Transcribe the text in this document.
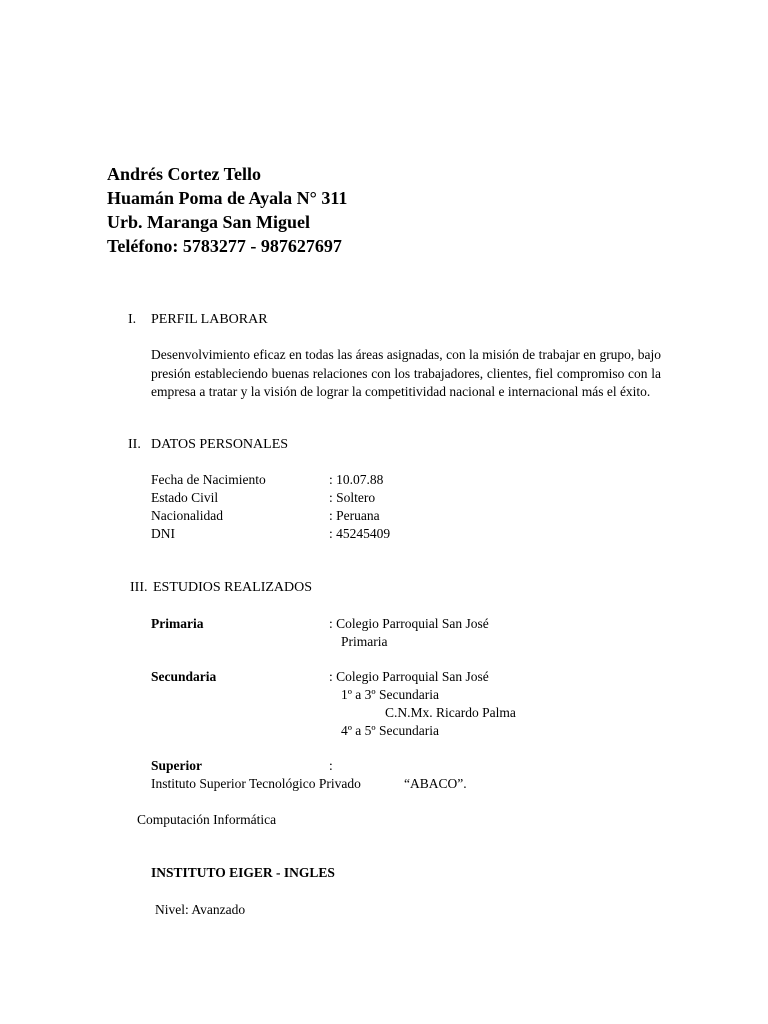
Andrés Cortez Tello
Huamán Poma de Ayala N° 311
Urb. Maranga San Miguel
Teléfono: 5783277 - 987627697
I. PERFIL LABORAR
Desenvolvimiento eficaz en todas las áreas asignadas, con la misión de trabajar en grupo, bajo presión estableciendo buenas relaciones con los trabajadores, clientes, fiel compromiso con la empresa a tratar y la visión de lograr la competitividad nacional e internacional más el éxito.
II. DATOS PERSONALES
Fecha de Nacimiento	: 10.07.88
Estado Civil	: Soltero
Nacionalidad	: Peruana
DNI	: 45245409
III. ESTUDIOS REALIZADOS
Primaria	: Colegio Parroquial San José
Primaria
Secundaria	: Colegio Parroquial San José
1º a 3º Secundaria
C.N.Mx. Ricardo Palma
4º a 5º Secundaria
Superior	:
Instituto Superior Tecnológico Privado	“ABACO”.
Computación Informática
INSTITUTO EIGER - INGLES
Nivel: Avanzado
